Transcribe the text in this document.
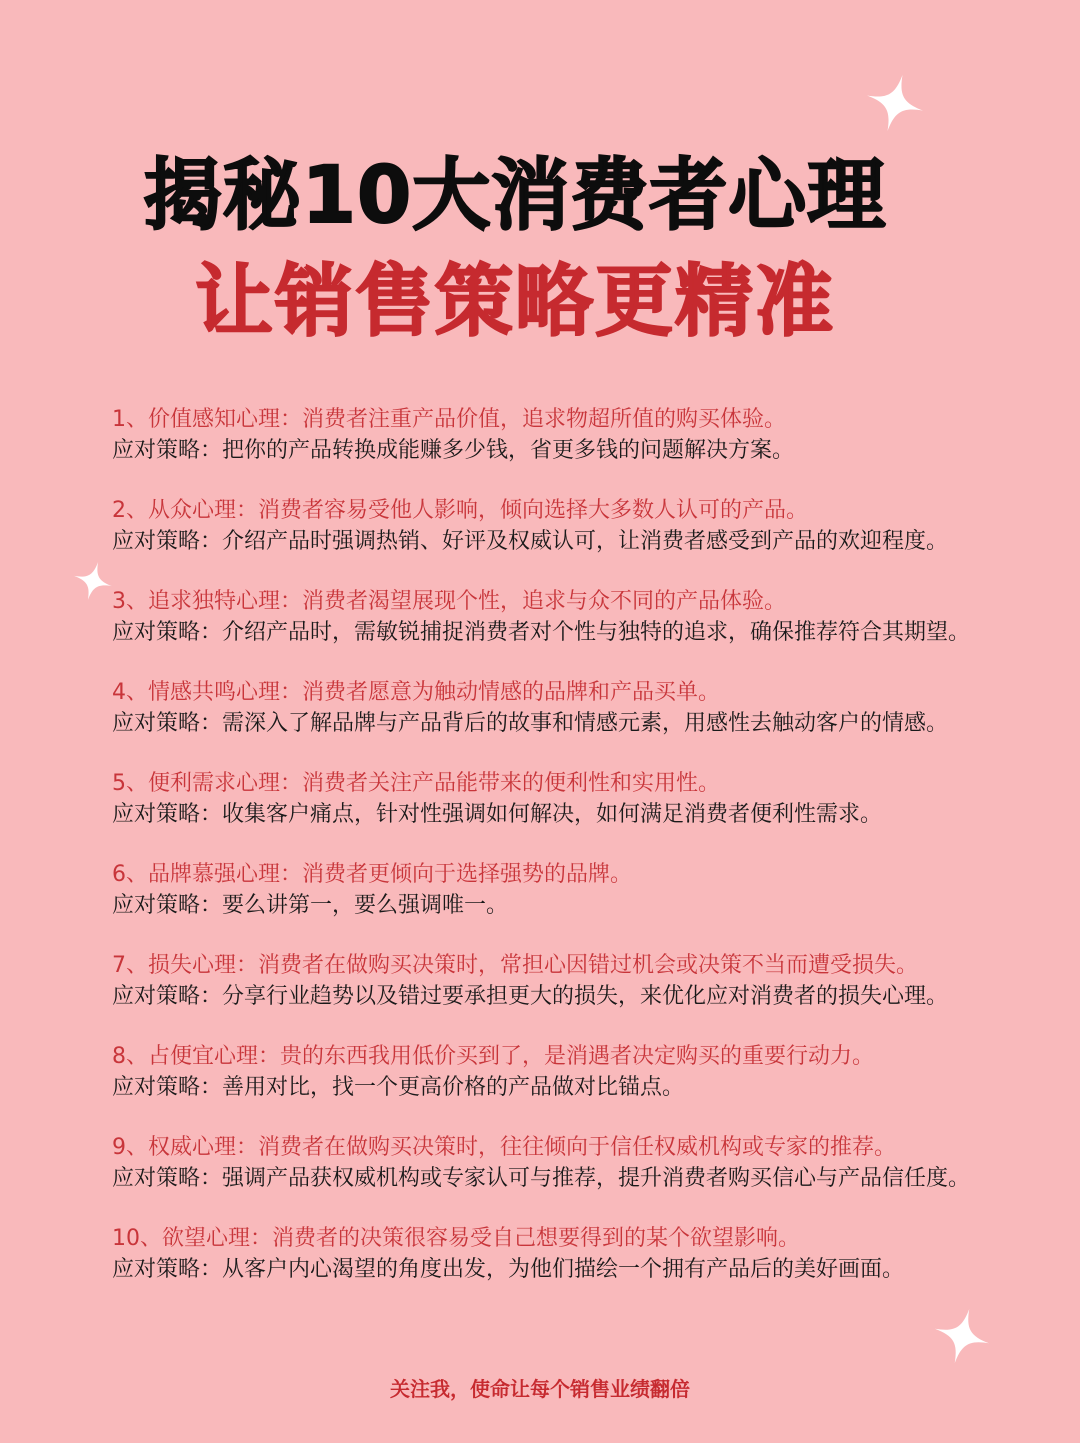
揭秘10大消费者心理
让销售策略更精准
1、价值感知心理：消费者注重产品价值，追求物超所值的购买体验。
应对策略：把你的产品转换成能赚多少钱，省更多钱的问题解决方案。
2、从众心理：消费者容易受他人影响，倾向选择大多数人认可的产品。
应对策略：介绍产品时强调热销、好评及权威认可，让消费者感受到产品的欢迎程度。
3、追求独特心理：消费者渴望展现个性，追求与众不同的产品体验。
应对策略：介绍产品时，需敏锐捕捉消费者对个性与独特的追求，确保推荐符合其期望。
4、情感共鸣心理：消费者愿意为触动情感的品牌和产品买单。
应对策略：需深入了解品牌与产品背后的故事和情感元素，用感性去触动客户的情感。
5、便利需求心理：消费者关注产品能带来的便利性和实用性。
应对策略：收集客户痛点，针对性强调如何解决，如何满足消费者便利性需求。
6、品牌慕强心理：消费者更倾向于选择强势的品牌。
应对策略：要么讲第一，要么强调唯一。
7、损失心理：消费者在做购买决策时，常担心因错过机会或决策不当而遭受损失。
应对策略：分享行业趋势以及错过要承担更大的损失，来优化应对消费者的损失心理。
8、占便宜心理：贵的东西我用低价买到了，是消遇者决定购买的重要行动力。
应对策略：善用对比，找一个更高价格的产品做对比锚点。
9、权威心理：消费者在做购买决策时，往往倾向于信任权威机构或专家的推荐。
应对策略：强调产品获权威机构或专家认可与推荐，提升消费者购买信心与产品信任度。
10、欲望心理：消费者的决策很容易受自己想要得到的某个欲望影响。
应对策略：从客户内心渴望的角度出发，为他们描绘一个拥有产品后的美好画面。
关注我，使命让每个销售业绩翻倍
